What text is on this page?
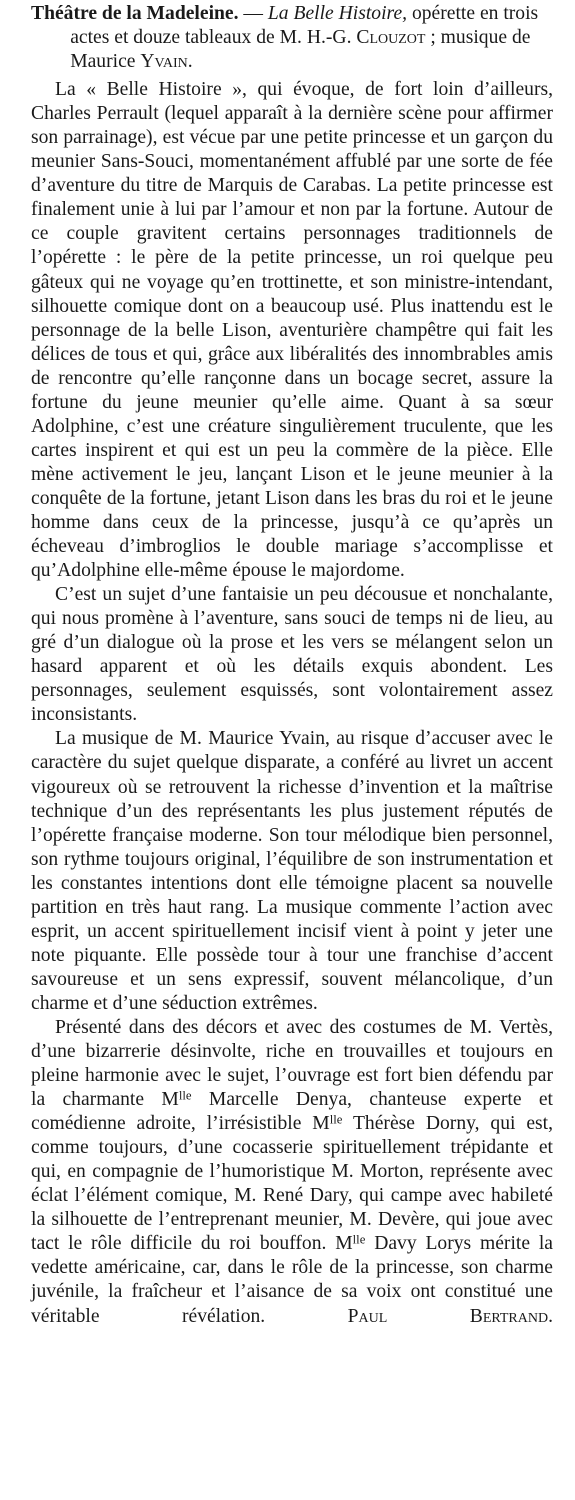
Théâtre de la Madeleine. — La Belle Histoire, opérette en trois actes et douze tableaux de M. H.-G. Clouzot ; musique de Maurice Yvain.

La « Belle Histoire », qui évoque, de fort loin d’ailleurs, Charles Perrault (lequel apparaît à la dernière scène pour affirmer son parrainage), est vécue par une petite princesse et un garçon du meunier Sans-Souci, momentanément affublé par une sorte de fée d’aventure du titre de Marquis de Carabas. La petite princesse est finalement unie à lui par l’amour et non par la fortune. Autour de ce couple gravitent certains personnages traditionnels de l’opérette : le père de la petite princesse, un roi quelque peu gâteux qui ne voyage qu’en trottinette, et son ministre-intendant, silhouette comique dont on a beaucoup usé. Plus inattendu est le personnage de la belle Lison, aventurière champêtre qui fait les délices de tous et qui, grâce aux libéralités des innombrables amis de rencontre qu’elle rançonne dans un bocage secret, assure la fortune du jeune meunier qu’elle aime. Quant à sa sœur Adolphine, c’est une créature singulièrement truculente, que les cartes inspirent et qui est un peu la commère de la pièce. Elle mène activement le jeu, lançant Lison et le jeune meunier à la conquête de la fortune, jetant Lison dans les bras du roi et le jeune homme dans ceux de la princesse, jusqu’à ce qu’après un écheveau d’imbroglios le double mariage s’accomplisse et qu’Adolphine elle-même épouse le majordome.

C’est un sujet d’une fantaisie un peu décousue et nonchalante, qui nous promène à l’aventure, sans souci de temps ni de lieu, au gré d’un dialogue où la prose et les vers se mélangent selon un hasard apparent et où les détails exquis abondent. Les personnages, seulement esquissés, sont volontairement assez inconsistants.

La musique de M. Maurice Yvain, au risque d’accuser avec le caractère du sujet quelque disparate, a conféré au livret un accent vigoureux où se retrouvent la richesse d’invention et la maîtrise technique d’un des représentants les plus justement réputés de l’opérette française moderne. Son tour mélodique bien personnel, son rythme toujours original, l’équilibre de son instrumentation et les constantes intentions dont elle témoigne placent sa nouvelle partition en très haut rang. La musique commente l’action avec esprit, un accent spirituellement incisif vient à point y jeter une note piquante. Elle possède tour à tour une franchise d’accent savoureuse et un sens expressif, souvent mélancolique, d’un charme et d’une séduction extrêmes.

Présenté dans des décors et avec des costumes de M. Vertès, d’une bizarrerie désinvolte, riche en trouvailles et toujours en pleine harmonie avec le sujet, l’ouvrage est fort bien défendu par la charmante $M^{lle}$ Marcelle Denya, chanteuse experte et comédienne adroite, l’irrésistible $M^{lle}$ Thérèse Dorny, qui est, comme toujours, d’une cocasserie spirituellement trépidante et qui, en compagnie de l’humoristique M. Morton, représente avec éclat l’élément comique, M. René Dary, qui campe avec habileté la silhouette de l’entreprenant meunier, M. Devère, qui joue avec tact le rôle difficile du roi bouffon. $M^{lle}$ Davy Lorys mérite la vedette américaine, car, dans le rôle de la princesse, son charme juvénile, la fraîcheur et l’aisance de sa voix ont constitué une véritable révélation.	Paul Bertrand.
